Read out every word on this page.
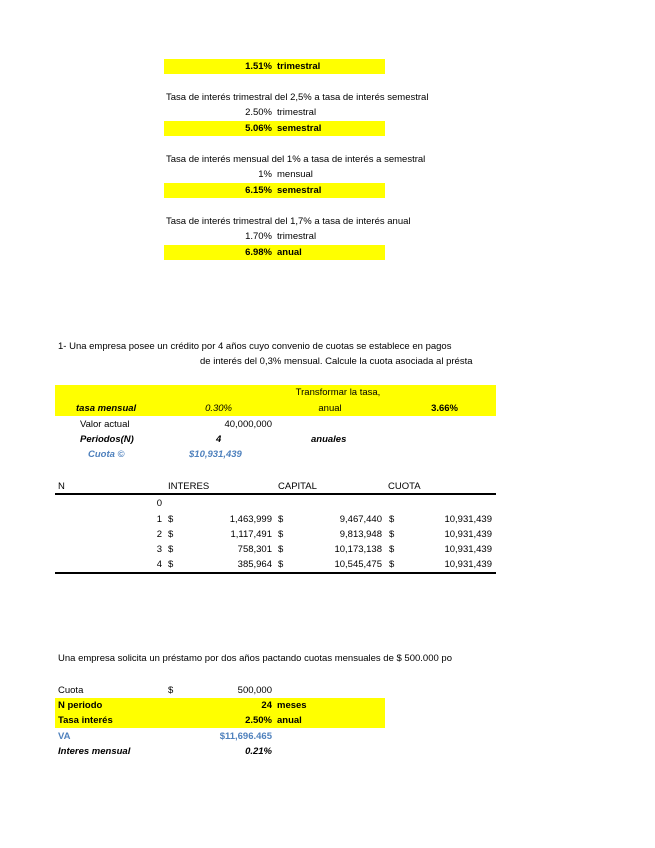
1.51% trimestral
Tasa de interés trimestral del 2,5% a tasa de interés semestral
2.50% trimestral
5.06% semestral
Tasa de interés mensual del 1% a tasa de interés a semestral
1% mensual
6.15% semestral
Tasa de interés trimestral del 1,7% a tasa de interés anual
1.70% trimestral
6.98% anual
1- Una empresa posee un crédito por 4 años cuyo convenio de cuotas se establece en pagos
de interés del 0,3% mensual. Calcule la cuota asociada al présta
Transformar la tasa,
tasa mensual	0.30%	anual	3.66%
Valor actual	40,000,000
Periodos(N)	4	anuales
Cuota ©	$10,931,439
N	INTERES	CAPITAL	CUOTA
0
1 $	1,463,999 $	9,467,440 $	10,931,439
2 $	1,117,491 $	9,813,948 $	10,931,439
3 $	758,301 $	10,173,138 $	10,931,439
4 $	385,964 $	10,545,475 $	10,931,439
Una empresa solicita un préstamo por dos años pactando cuotas mensuales de $ 500.000 po
Cuota	$	500,000
N periodo	24 meses
Tasa interés	2.50% anual
VA	$11,696.465
Interes mensual	0.21%
